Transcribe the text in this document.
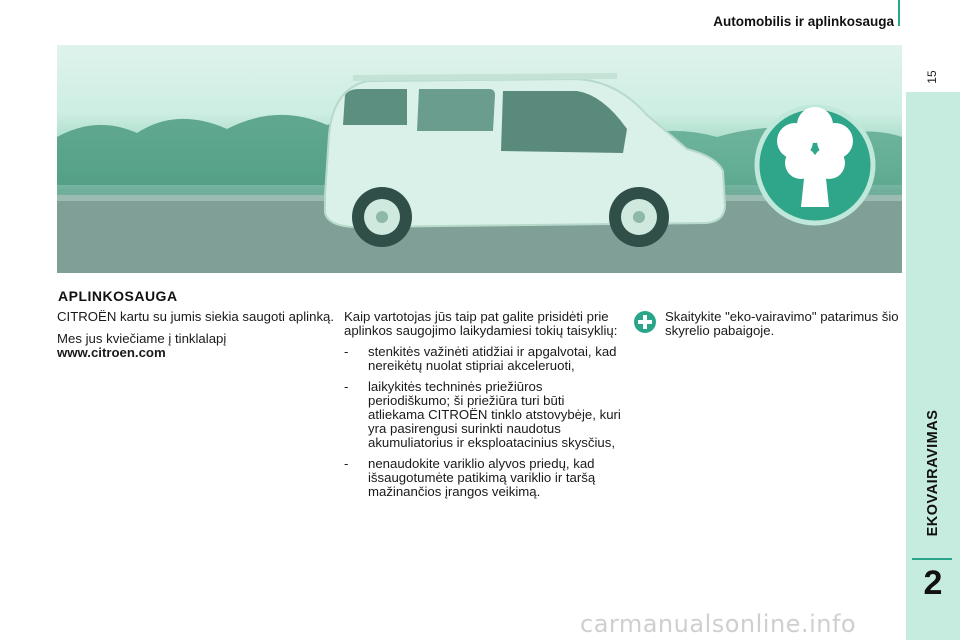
Automobilis ir aplinkosauga
15
EKOVAIRAVIMAS
2
APLINKOSAUGA

CITROËN kartu su jumis siekia saugoti aplinką.

Mes jus kviečiame į tinklalapį
www.citroen.com

Kaip vartotojas jūs taip pat galite prisidėti prie aplinkos saugojimo laikydamiesi tokių taisyklių:

- stenkitės važinėti atidžiai ir apgalvotai, kad nereikėtų nuolat stipriai akceleruoti,
- laikykitės techninės priežiūros periodiškumo; ši priežiūra turi būti atliekama CITROËN tinklo atstovybėje, kuri yra pasirengusi surinkti naudotus akumuliatorius ir eksploatacinius skysčius,
- nenaudokite variklio alyvos priedų, kad išsaugotumėte patikimą variklio ir taršą mažinančios įrangos veikimą.
Skaitykite "eko-vairavimo" patarimus šio skyrelio pabaigoje.
carmanualsonline.info
